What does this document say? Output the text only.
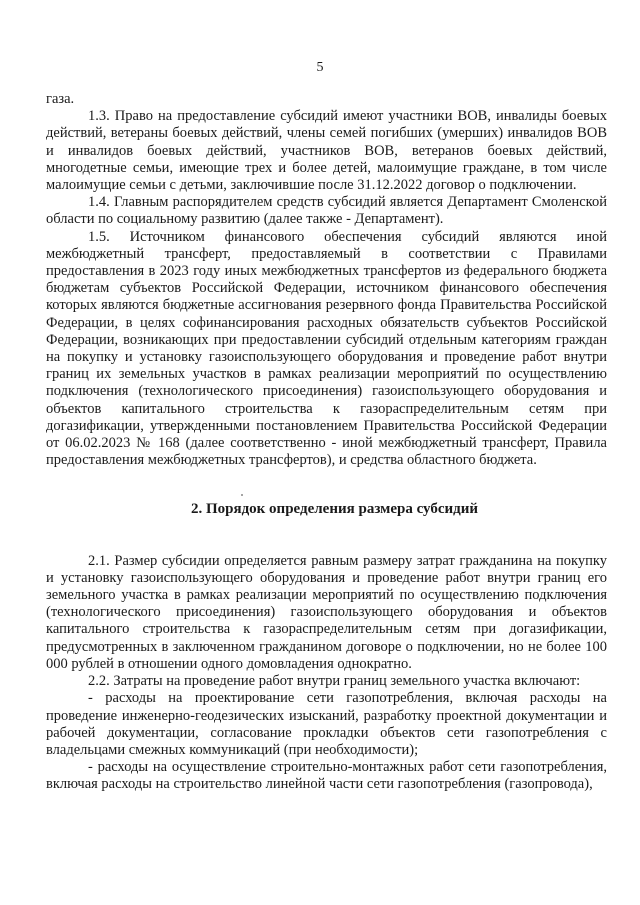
5

газа.

1.3. Право на предоставление субсидий имеют участники ВОВ, инвалиды боевых действий, ветераны боевых действий, члены семей погибших (умерших) инвалидов ВОВ и инвалидов боевых действий, участников ВОВ, ветеранов боевых действий, многодетные семьи, имеющие трех и более детей, малоимущие граждане, в том числе малоимущие семьи с детьми, заключившие после 31.12.2022 договор о подключении.

1.4. Главным распорядителем средств субсидий является Департамент Смоленской области по социальному развитию (далее также - Департамент).

1.5. Источником финансового обеспечения субсидий являются иной межбюджетный трансферт, предоставляемый в соответствии с Правилами предоставления в 2023 году иных межбюджетных трансфертов из федерального бюджета бюджетам субъектов Российской Федерации, источником финансового обеспечения которых являются бюджетные ассигнования резервного фонда Правительства Российской Федерации, в целях софинансирования расходных обязательств субъектов Российской Федерации, возникающих при предоставлении субсидий отдельным категориям граждан на покупку и установку газоиспользующего оборудования и проведение работ внутри границ их земельных участков в рамках реализации мероприятий по осуществлению подключения (технологического присоединения) газоиспользующего оборудования и объектов капитального строительства к газораспределительным сетям при догазификации, утвержденными постановлением Правительства Российской Федерации от 06.02.2023 № 168 (далее соответственно - иной межбюджетный трансферт, Правила предоставления межбюджетных трансфертов), и средства областного бюджета.

2. Порядок определения размера субсидий

2.1. Размер субсидии определяется равным размеру затрат гражданина на покупку и установку газоиспользующего оборудования и проведение работ внутри границ его земельного участка в рамках реализации мероприятий по осуществлению подключения (технологического присоединения) газоиспользующего оборудования и объектов капитального строительства к газораспределительным сетям при догазификации, предусмотренных в заключенном гражданином договоре о подключении, но не более 100 000 рублей в отношении одного домовладения однократно.

2.2. Затраты на проведение работ внутри границ земельного участка включают:

- расходы на проектирование сети газопотребления, включая расходы на проведение инженерно-геодезических изысканий, разработку проектной документации и рабочей документации, согласование прокладки объектов сети газопотребления с владельцами смежных коммуникаций (при необходимости);

- расходы на осуществление строительно-монтажных работ сети газопотребления, включая расходы на строительство линейной части сети газопотребления (газопровода),
